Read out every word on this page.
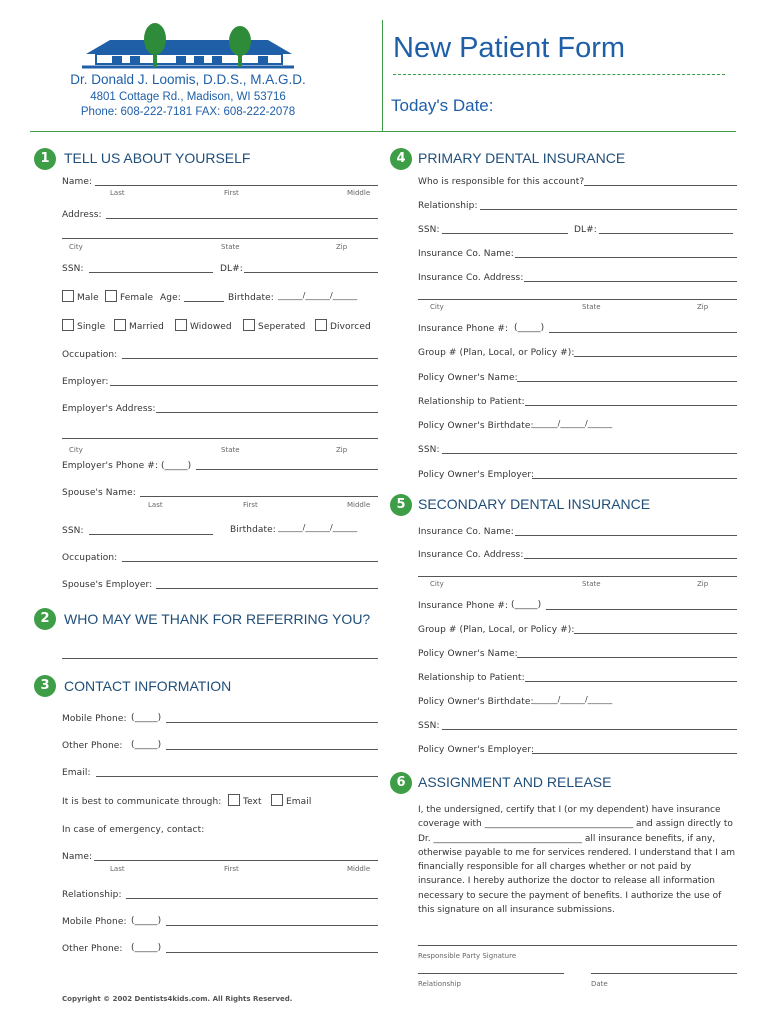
Dr. Donald J. Loomis, D.D.S., M.A.G.D.
4801 Cottage Rd., Madison, WI 53716
Phone: 608-222-7181 FAX: 608-222-2078
New Patient Form
Today's Date:
1	TELL US ABOUT YOURSELF
Name:
Last	First	Middle
Address:
City	State	Zip
SSN:	DL#:
Male Female Age:	Birthdate: ______/______/______
Single	Married	Widowed	Seperated	Divorced
Occupation:
Employer:
Employer's Address:
City	State	Zip
Employer's Phone #: (_____)
Spouse's Name:
Last	First	Middle
SSN:	Birthdate: ______/______/______
Occupation:
Spouse's Employer:
2	WHO MAY WE THANK FOR REFERRING YOU?
3	CONTACT INFORMATION
Mobile Phone: (_____)
Other Phone: (_____)
Email:
It is best to communicate through: Text	Email
In case of emergency, contact:
Name:
Last	First	Middle
Relationship:
Mobile Phone: (_____)
Other Phone: (_____)
Copyright © 2002 Dentists4kids.com. All Rights Reserved.
4 PRIMARY DENTAL INSURANCE
Who is responsible for this account?
Relationship:
SSN:	DL#:
Insurance Co. Name:
Insurance Co. Address:
City	State	Zip
Insurance Phone #: (_____)
Group # (Plan, Local, or Policy #):
Policy Owner's Name:
Relationship to Patient:
Policy Owner's Birthdate: ______/______/______
SSN:
Policy Owner's Employer:
5 SECONDARY DENTAL INSURANCE
Insurance Co. Name:
Insurance Co. Address:
City	State	Zip
Insurance Phone #: (_____)
Group # (Plan, Local, or Policy #):
Policy Owner's Name:
Relationship to Patient:
Policy Owner's Birthdate: ______/______/______
SSN:
Policy Owner's Employer:
6 ASSIGNMENT AND RELEASE
I, the undersigned, certify that I (or my dependent) have insurance coverage with _________________________________ and assign directly to Dr. _________________________________ all insurance benefits, if any, otherwise payable to me for services rendered. I understand that I am financially responsible for all charges whether or not paid by insurance. I hereby authorize the doctor to release all information necessary to secure the payment of benefits. I authorize the use of this signature on all insurance submissions.
Responsible Party Signature
Relationship	Date
